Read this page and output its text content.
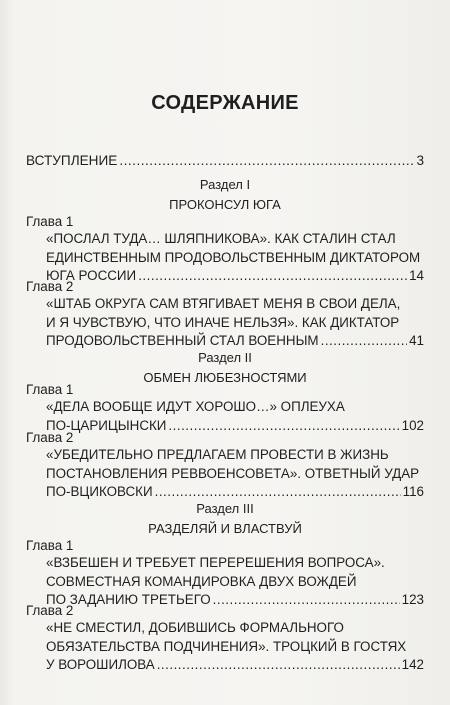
СОДЕРЖАНИЕ
ВСТУПЛЕНИЕ .....	3
Раздел I
ПРОКОНСУЛ ЮГА
Глава 1
«ПОСЛАЛ ТУДА… ШЛЯПНИКОВА». КАК СТАЛИН СТАЛ
ЕДИНСТВЕННЫМ ПРОДОВОЛЬСТВЕННЫМ ДИКТАТОРОМ
ЮГА РОССИИ .....	14
Глава 2
«ШТАБ ОКРУГА САМ ВТЯГИВАЕТ МЕНЯ В СВОИ ДЕЛА,
И Я ЧУВСТВУЮ, ЧТО ИНАЧЕ НЕЛЬЗЯ». КАК ДИКТАТОР
ПРОДОВОЛЬСТВЕННЫЙ СТАЛ ВОЕННЫМ .....	41
Раздел II
ОБМЕН ЛЮБЕЗНОСТЯМИ
Глава 1
«ДЕЛА ВООБЩЕ ИДУТ ХОРОШО…» ОПЛЕУХА
ПО-ЦАРИЦЫНСКИ .....	102
Глава 2
«УБЕДИТЕЛЬНО ПРЕДЛАГАЕМ ПРОВЕСТИ В ЖИЗНЬ
ПОСТАНОВЛЕНИЯ РЕВВОЕНСОВЕТА». ОТВЕТНЫЙ УДАР
ПО-ВЦИКОВСКИ .....	116
Раздел III
РАЗДЕЛЯЙ И ВЛАСТВУЙ
Глава 1
«ВЗБЕШЕН И ТРЕБУЕТ ПЕРЕРЕШЕНИЯ ВОПРОСА».
СОВМЕСТНАЯ КОМАНДИРОВКА ДВУХ ВОЖДЕЙ
ПО ЗАДАНИЮ ТРЕТЬЕГО .....	123
Глава 2
«НЕ СМЕСТИЛ, ДОБИВШИСЬ ФОРМАЛЬНОГО
ОБЯЗАТЕЛЬСТВА ПОДЧИНЕНИЯ». ТРОЦКИЙ В ГОСТЯХ
У ВОРОШИЛОВА .....	142
